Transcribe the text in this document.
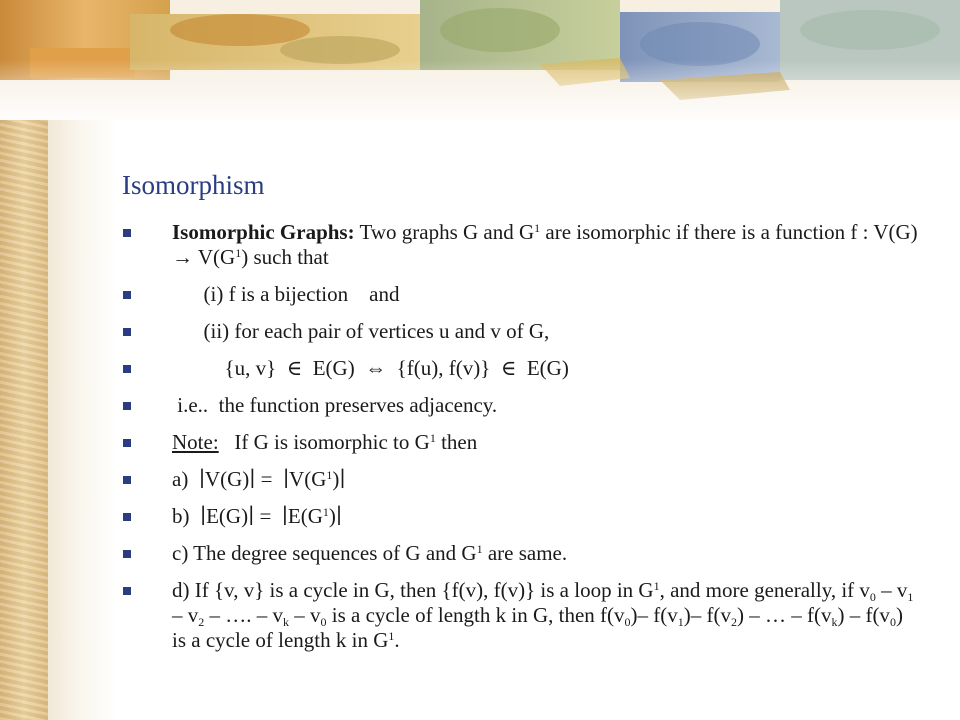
Isomorphism
Isomorphic Graphs: Two graphs G and $G^1$ are isomorphic if there is a function f : $V(G) \to V(G^1)$ such that
(i) f is a bijection    and
(ii) for each pair of vertices u and v of G,
{u, v}  ∈  E(G)  ⇔  {f(u), f(v)}  ∈  E(G)
i.e..  the function preserves adjacency.
Note:   If G is isomorphic to $G^1$ then
a)  ∣V(G)∣ =  $∣V(G^1)∣$
b)  ∣E(G)∣ =  $∣E(G^1)∣$
c) The degree sequences of G and $G^1$ are same.
d) If {v, v} is a cycle in G, then {f(v), f(v)} is a loop in $G^1$, and more generally, if $v_0 - v_1 - v_2$ – …. – $v_k - v_0$ is a cycle of length k in G, then $f(v_0)-$ $f(v_1)-$ $f(v_2)$ – … – $f(v_k) - f(v_0)$ is a cycle of length k in $G^1$.
